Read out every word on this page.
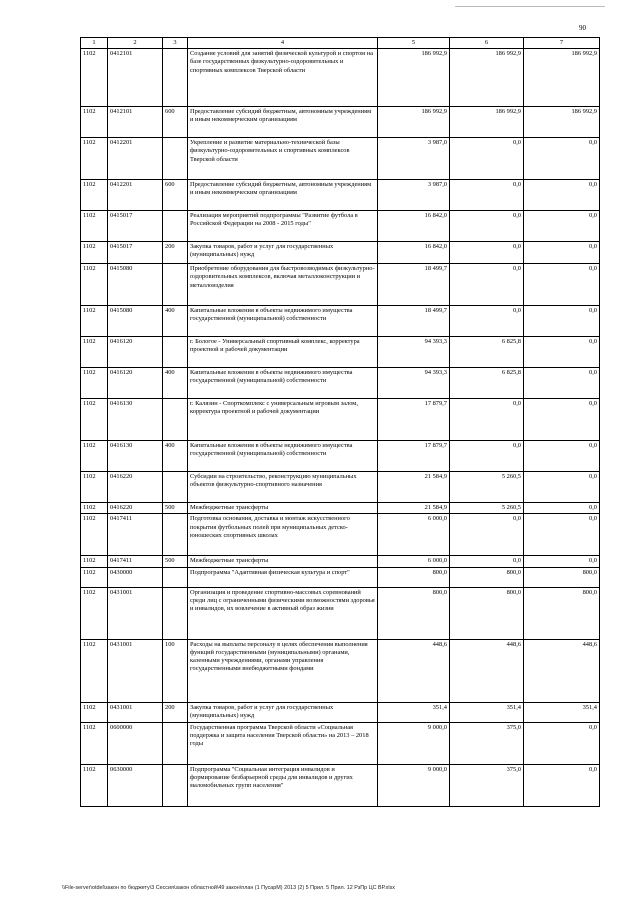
90
1	2	3	4	5	6	7
1102	0412101		Создание условий для занятий физической культурой и спортом на базе государственных физкультурно-оздоровительных и спортивных комплексов Тверской области	186 992,9	186 992,9	186 992,9
1102	0412101	600	Предоставление субсидий бюджетным, автономным учреждениям и иным некоммерческим организациям	186 992,9	186 992,9	186 992,9
1102	0412201		Укрепление и развитие материально-технической базы физкультурно-оздоровительных и спортивных комплексов Тверской области	3 987,0	0,0	0,0
1102	0412201	600	Предоставление субсидий бюджетным, автономным учреждениям и иным некоммерческим организациям	3 987,0	0,0	0,0
1102	0415017		Реализация мероприятий подпрограммы "Развитие футбола в Российской Федерации на 2008 - 2015 годы"	16 842,0	0,0	0,0
1102	0415017	200	Закупка товаров, работ и услуг для государственных (муниципальных) нужд	16 842,0	0,0	0,0
1102	0415080		Приобретение оборудования для быстровозводимых физкультурно-оздоровительных комплексов, включая металлоконструкции и металлоизделия	18 499,7	0,0	0,0
1102	0415080	400	Капитальные вложения в объекты недвижимого имущества государственной (муниципальной) собственности	18 499,7	0,0	0,0
1102	0416120		г. Бологое - Универсальный спортивный комплекс, корректура проектной и рабочей документации	94 393,3	6 825,8	0,0
1102	0416120	400	Капитальные вложения в объекты недвижимого имущества государственной (муниципальной) собственности	94 393,3	6 825,8	0,0
1102	0416130		г. Калязин - Спорткомплекс с универсальным игровым залом, корректура проектной и рабочей документации	17 879,7	0,0	0,0
1102	0416130	400	Капитальные вложения в объекты недвижимого имущества государственной (муниципальной) собственности	17 879,7	0,0	0,0
1102	0416220		Субсидии на строительство, реконструкцию муниципальных объектов физкультурно-спортивного назначения	21 584,9	5 260,5	0,0
1102	0416220	500	Межбюджетные трансферты	21 584,9	5 260,5	0,0
1102	0417411		Подготовка основания, доставка и монтаж искусственного покрытия футбольных полей при муниципальных детско-юношеских спортивных школах	6 000,0	0,0	0,0
1102	0417411	500	Межбюджетные трансферты	6 000,0	0,0	0,0
1102	0430000		Подпрограмма "Адаптивная физическая культура и спорт"	800,0	800,0	800,0
1102	0431001		Организация и проведение спортивно-массовых соревнований среди лиц с ограниченными физическими возможностями здоровья и инвалидов, их вовлечение в активный образ жизни	800,0	800,0	800,0
1102	0431001	100	Расходы на выплаты персоналу в целях обеспечения выполнения функций государственными (муниципальными) органами, казенными учреждениями, органами управления государственными внебюджетными фондами	448,6	448,6	448,6
1102	0431001	200	Закупка товаров, работ и услуг для государственных (муниципальных) нужд	351,4	351,4	351,4
1102	0600000		Государственная программа Тверской области «Социальная поддержка и защита населения Тверской области» на 2013 – 2018 годы	9 000,0	375,0	0,0
1102	0630000		Подпрограмма "Социальная интеграция инвалидов и формирование безбарьерной среды для инвалидов и других маломобильных групп населения"	9 000,0	375,0	0,0
\\File-server\otdel\закон по бюджету\3 Сессия\закон областной\49 закон\план (1 ПусарМ) 2013 (2) 5 Прил. 5 Прил. 12 РзПр ЦС ВР.xlsx
